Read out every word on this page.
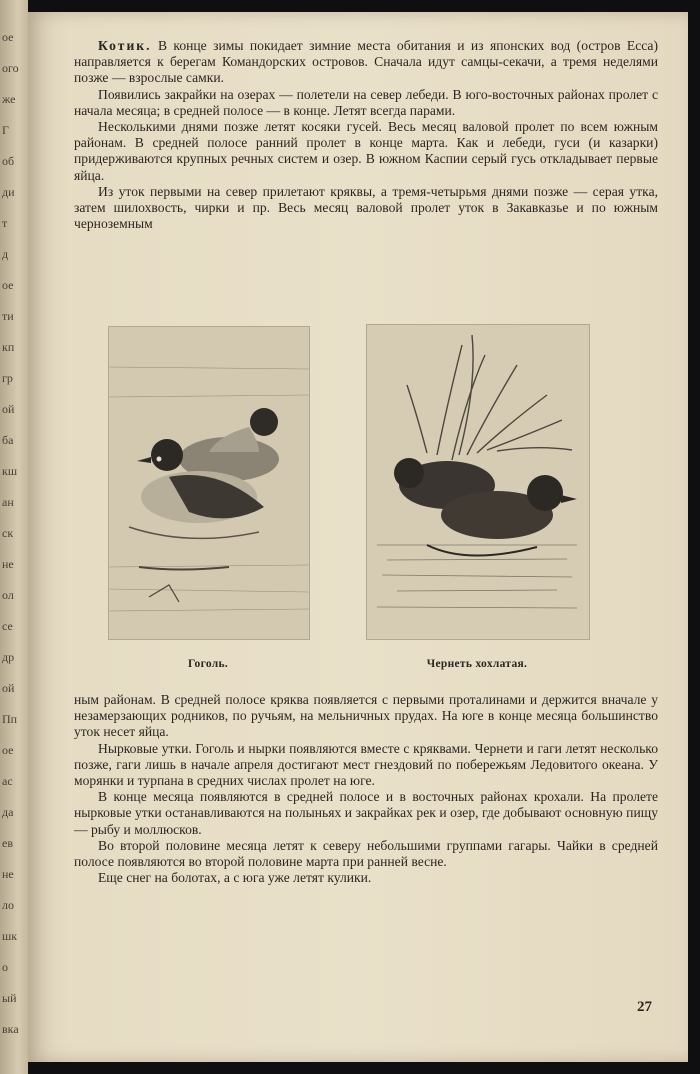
ое
ого
же
Г
об
ди
т
д
ое
ти
кп
гр
ой
ба
кш
ан
ск
не
ол
се
др
ой
Пп
ое
ас
да
ев
не
ло
шк
о
ый
вка

Котик. В конце зимы покидает зимние места обитания и из японских вод (остров Есса) направляется к берегам Командорских островов. Сначала идут самцы-секачи, а тремя неделями позже — взрослые самки.

Появились закрайки на озерах — полетели на север лебеди. В юго-восточных районах пролет с начала месяца; в средней полосе — в конце. Летят всегда парами.

Несколькими днями позже летят косяки гусей. Весь месяц валовой пролет по всем южным районам. В средней полосе ранний пролет в конце марта. Как и лебеди, гуси (и казарки) придерживаются крупных речных систем и озер. В южном Каспии серый гусь откладывает первые яйца.

Из уток первыми на север прилетают кряквы, а тремя-четырьмя днями позже — серая утка, затем шилохвость, чирки и пр. Весь месяц валовой пролет уток в Закавказье и по южным черноземным

Гоголь.	Чернеть хохлатая.

ным районам. В средней полосе кряква появляется с первыми проталинами и держится вначале у незамерзающих родников, по ручьям, на мельничных прудах. На юге в конце месяца большинство уток несет яйца.

Нырковые утки. Гоголь и нырки появляются вместе с кряквами. Чернети и гаги летят несколько позже, гаги лишь в начале апреля достигают мест гнездовий по побережьям Ледовитого океана. У морянки и турпана в средних числах пролет на юге.

В конце месяца появляются в средней полосе и в восточных районах крохали. На пролете нырковые утки останавливаются на полыньях и закрайках рек и озер, где добывают основную пищу — рыбу и моллюсков.

Во второй половине месяца летят к северу небольшими группами гагары. Чайки в средней полосе появляются во второй половине марта при ранней весне.

Еще снег на болотах, а с юга уже летят кулики.

27
